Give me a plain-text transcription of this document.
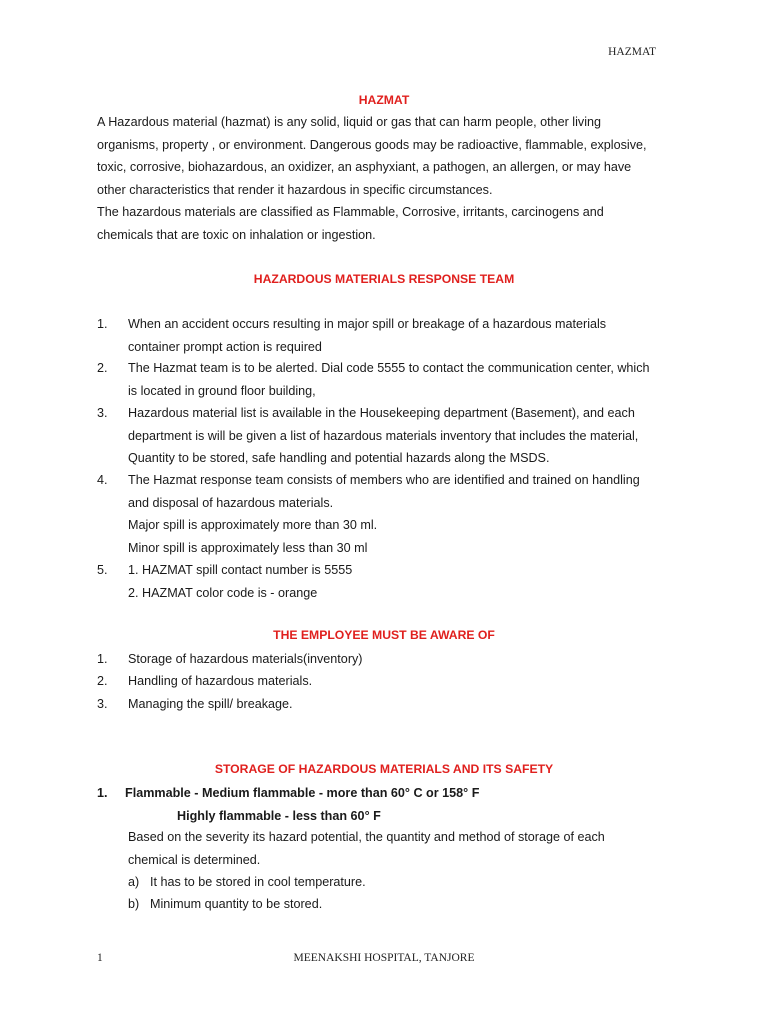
HAZMAT
HAZMAT
A Hazardous material (hazmat) is any solid, liquid or gas that can harm people, other living
organisms, property , or environment. Dangerous goods may be radioactive, flammable, explosive,
toxic, corrosive, biohazardous, an oxidizer, an asphyxiant, a pathogen, an allergen, or may have
other characteristics that render it hazardous in specific circumstances.
The hazardous materials are classified as Flammable, Corrosive, irritants, carcinogens and
chemicals that are toxic on inhalation or ingestion.
HAZARDOUS MATERIALS RESPONSE TEAM
1. When an accident occurs resulting in major spill or breakage of a hazardous materials
container prompt action is required
2. The Hazmat team is to be alerted. Dial code 5555 to contact the communication center, which
is located in ground floor building,
3. Hazardous material list is available in the Housekeeping department (Basement), and each
department is will be given a list of hazardous materials inventory that includes the material,
Quantity to be stored, safe handling and potential hazards along the MSDS.
4. The Hazmat response team consists of members who are identified and trained on handling
and disposal of hazardous materials.
Major spill is approximately more than 30 ml.
Minor spill is approximately less than 30 ml
5. 1. HAZMAT spill contact number is 5555
2. HAZMAT color code is - orange
THE EMPLOYEE MUST BE AWARE OF
1. Storage of hazardous materials(inventory)
2. Handling of hazardous materials.
3. Managing the spill/ breakage.
STORAGE OF HAZARDOUS MATERIALS AND ITS SAFETY
1. Flammable - Medium flammable - more than 60° C or 158° F
Highly flammable - less than 60° F
Based on the severity its hazard potential, the quantity and method of storage of each
chemical is determined.
a) It has to be stored in cool temperature.
b) Minimum quantity to be stored.
1	MEENAKSHI HOSPITAL, TANJORE
